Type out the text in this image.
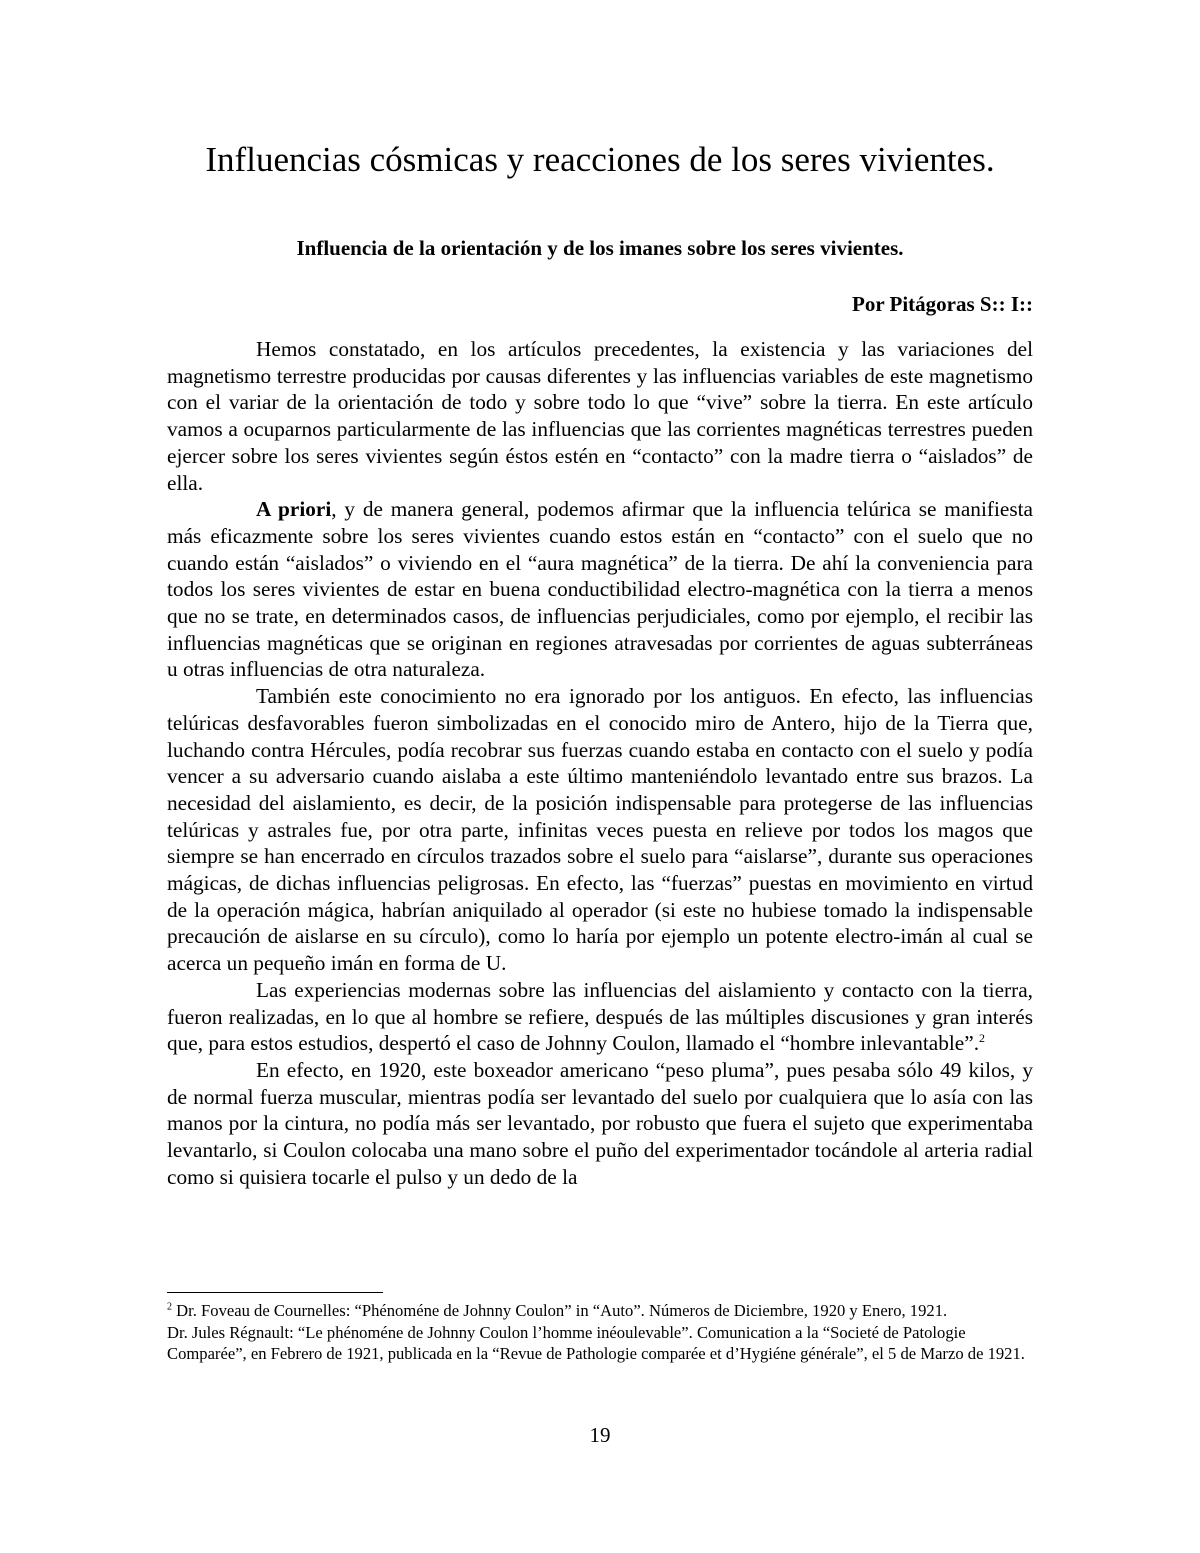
Influencias cósmicas y reacciones de los seres vivientes.
Influencia de la orientación y de los imanes sobre los seres vivientes.

Por Pitágoras S:: I::

Hemos constatado, en los artículos precedentes, la existencia y las variaciones del magnetismo terrestre producidas por causas diferentes y las influencias variables de este magnetismo con el variar de la orientación de todo y sobre todo lo que “vive” sobre la tierra. En este artículo vamos a ocuparnos particularmente de las influencias que las corrientes magnéticas terrestres pueden ejercer sobre los seres vivientes según éstos estén en “contacto” con la madre tierra o “aislados” de ella.

A priori, y de manera general, podemos afirmar que la influencia telúrica se manifiesta más eficazmente sobre los seres vivientes cuando estos están en “contacto” con el suelo que no cuando están “aislados” o viviendo en el “aura magnética” de la tierra. De ahí la conveniencia para todos los seres vivientes de estar en buena conductibilidad electro-magnética con la tierra a menos que no se trate, en determinados casos, de influencias perjudiciales, como por ejemplo, el recibir las influencias magnéticas que se originan en regiones atravesadas por corrientes de aguas subterráneas u otras influencias de otra naturaleza.

También este conocimiento no era ignorado por los antiguos. En efecto, las influencias telúricas desfavorables fueron simbolizadas en el conocido miro de Antero, hijo de la Tierra que, luchando contra Hércules, podía recobrar sus fuerzas cuando estaba en contacto con el suelo y podía vencer a su adversario cuando aislaba a este último manteniéndolo levantado entre sus brazos. La necesidad del aislamiento, es decir, de la posición indispensable para protegerse de las influencias telúricas y astrales fue, por otra parte, infinitas veces puesta en relieve por todos los magos que siempre se han encerrado en círculos trazados sobre el suelo para “aislarse”, durante sus operaciones mágicas, de dichas influencias peligrosas. En efecto, las “fuerzas” puestas en movimiento en virtud de la operación mágica, habrían aniquilado al operador (si este no hubiese tomado la indispensable precaución de aislarse en su círculo), como lo haría por ejemplo un potente electro-imán al cual se acerca un pequeño imán en forma de U.

Las experiencias modernas sobre las influencias del aislamiento y contacto con la tierra, fueron realizadas, en lo que al hombre se refiere, después de las múltiples discusiones y gran interés que, para estos estudios, despertó el caso de Johnny Coulon, llamado el “hombre inlevantable”.$^2$

En efecto, en 1920, este boxeador americano “peso pluma”, pues pesaba sólo 49 kilos, y de normal fuerza muscular, mientras podía ser levantado del suelo por cualquiera que lo asía con las manos por la cintura, no podía más ser levantado, por robusto que fuera el sujeto que experimentaba levantarlo, si Coulon colocaba una mano sobre el puño del experimentador tocándole al arteria radial como si quisiera tocarle el pulso y un dedo de la

$^2$ Dr. Foveau de Cournelles: “Phénoméne de Johnny Coulon” in “Auto”. Números de Diciembre, 1920 y Enero, 1921.

Dr. Jules Régnault: “Le phénoméne de Johnny Coulon l’homme inéoulevable”. Comunication a la “Societé de Patologie Comparée”, en Febrero de 1921, publicada en la “Revue de Pathologie comparée et d’Hygiéne générale”, el 5 de Marzo de 1921.

19
